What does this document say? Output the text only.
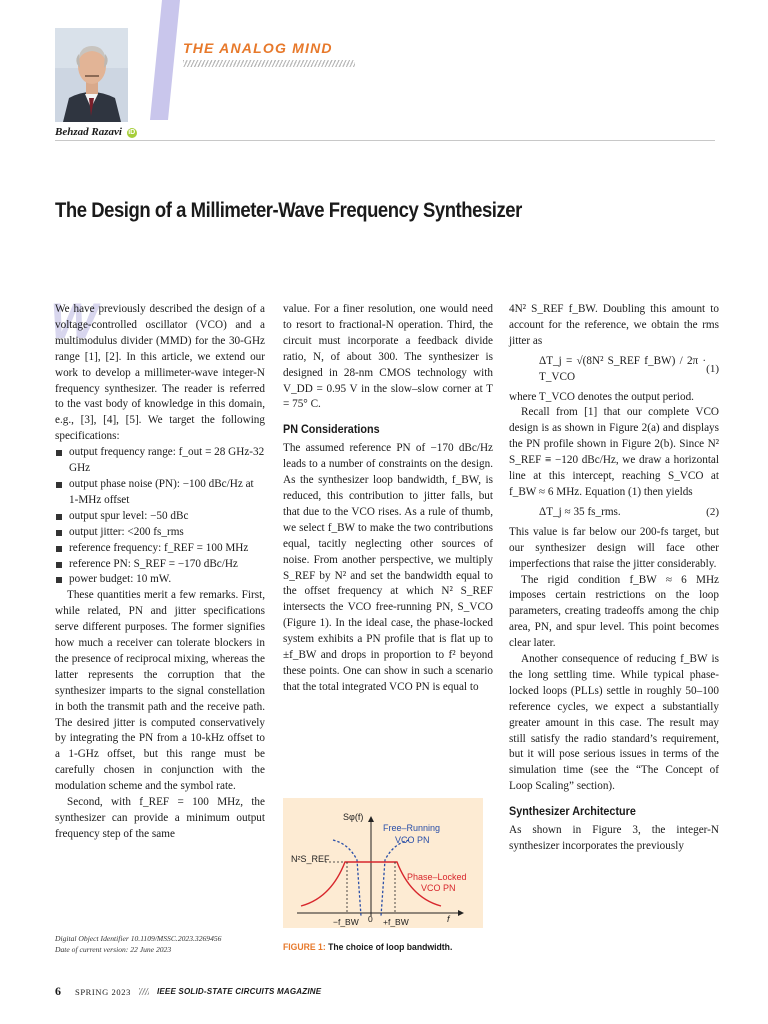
Behzad Razavi iD
THE ANALOG MIND
The Design of a Millimeter-Wave Frequency Synthesizer
W

We have previously described the design of a voltage-controlled oscillator (VCO) and a multimodulus divider (MMD) for the 30-GHz range [1], [2]. In this article, we extend our work to develop a millimeter-wave integer-N frequency synthesizer. The reader is referred to the vast body of knowledge in this domain, e.g., [3], [4], [5]. We target the following specifications:

output frequency range: f_out = 28 GHz-32 GHz
output phase noise (PN): −100 dBc/Hz at 1-MHz offset
output spur level: −50 dBc
output jitter: <200 fs_rms
reference frequency: f_REF = 100 MHz
reference PN: S_REF = −170 dBc/Hz
power budget: 10 mW.

These quantities merit a few remarks. First, while related, PN and jitter specifications serve different purposes. The former signifies how much a receiver can tolerate blockers in the presence of reciprocal mixing, whereas the latter represents the corruption that the synthesizer imparts to the signal constellation in both the transmit path and the receive path. The desired jitter is computed conservatively by integrating the PN from a 10-kHz offset to a 1-GHz offset, but this range must be carefully chosen in conjunction with the modulation scheme and the symbol rate.

Second, with f_REF = 100 MHz, the synthesizer can provide a minimum output frequency step of the same

value. For a finer resolution, one would need to resort to fractional-N operation. Third, the circuit must incorporate a feedback divide ratio, N, of about 300. The synthesizer is designed in 28-nm CMOS technology with V_DD = 0.95 V in the slow–slow corner at T = 75° C.

PN Considerations

The assumed reference PN of −170 dBc/Hz leads to a number of constraints on the design. As the synthesizer loop bandwidth, f_BW, is reduced, this contribution to jitter falls, but that due to the VCO rises. As a rule of thumb, we select f_BW to make the two contributions equal, tacitly neglecting other sources of noise. From another perspective, we multiply S_REF by N² and set the bandwidth equal to the offset frequency at which N² S_REF intersects the VCO free-running PN, S_VCO (Figure 1). In the ideal case, the phase-locked system exhibits a PN profile that is flat up to ±f_BW and drops in proportion to f² beyond these points. One can show in such a scenario that the total integrated VCO PN is equal to

Sφ(f)
f
N²S_REF
Free–Running
VCO PN
Phase–Locked
VCO PN
−f_BW 0 +f_BW
FIGURE 1: The choice of loop bandwidth.

4N² S_REF f_BW. Doubling this amount to account for the reference, we obtain the rms jitter as

ΔT_j = √(8N² S_REF f_BW) / 2π · T_VCO
(1)

where T_VCO denotes the output period.

Recall from [1] that our complete VCO design is as shown in Figure 2(a) and displays the PN profile shown in Figure 2(b). Since N² S_REF ≡ −120 dBc/Hz, we draw a horizontal line at this intercept, reaching S_VCO at f_BW ≈ 6 MHz. Equation (1) then yields

ΔT_j ≈ 35 fs_rms.	(2)

This value is far below our 200-fs target, but our synthesizer design will face other imperfections that raise the jitter considerably.

The rigid condition f_BW ≈ 6 MHz imposes certain restrictions on the loop parameters, creating tradeoffs among the chip area, PN, and spur level. This point becomes clear later.

Another consequence of reducing f_BW is the long settling time. While typical phase-locked loops (PLLs) settle in roughly 50–100 reference cycles, we expect a substantially greater amount in this case. The result may still satisfy the radio standard’s requirement, but it will pose serious issues in terms of the simulation time (see the “The Concept of Loop Scaling” section).

Synthesizer Architecture

As shown in Figure 3, the integer-N synthesizer incorporates the previously

Digital Object Identifier 10.1109/MSSC.2023.3269456
Date of current version: 22 June 2023
6 SPRING 2023	IEEE SOLID-STATE CIRCUITS MAGAZINE
